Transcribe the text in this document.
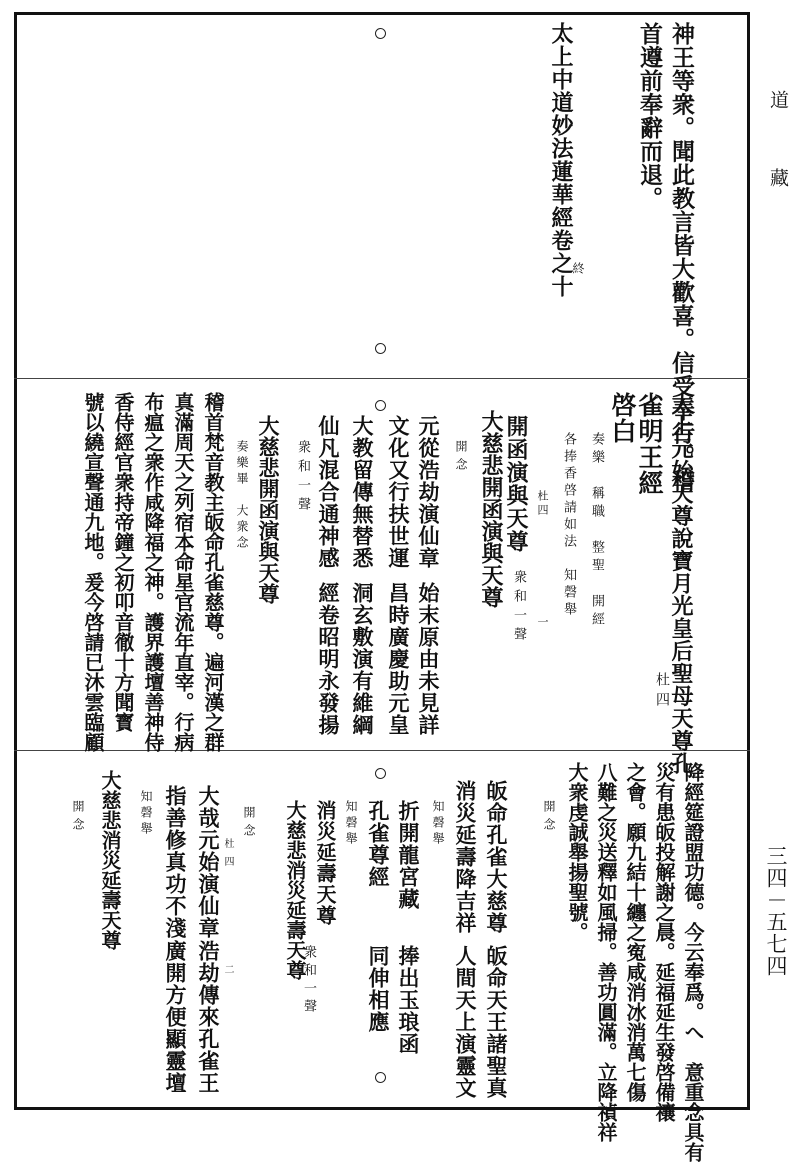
道
藏
三四－五七四
神王等衆。聞此教言皆大歡喜。信受奉行。稽
首遵前奉辭而退。
太上中道妙法蓮華經卷之十
終
太上元始天尊說寶月光皇后聖母天尊孔
雀明王經
杜四
啓白
奏樂　稱職　整聖　開經
各捧香啓請如法　知磬舉
杜四　　　　　　　一
大慈悲開函演與天尊 開函演與天尊
衆和一聲
開念
元從浩劫演仙章
始末原由未見詳
文化又行扶世運
昌時廣慶助元皇
大教留傳無替悉
洞玄敷演有維綱
仙凡混合通神感
經卷昭明永發揚
衆和一聲
大慈悲開函演與天尊
奏樂畢　大衆念
稽首梵音教主皈命孔雀慈尊。遍河漢之群
真滿周天之列宿本命星官流年直宰。行病
布瘟之衆作咸降福之神。護界護壇善神侍
香侍經官衆持帝鐘之初叩音徹十方聞寳
號以繞宣聲通九地。爰今啓請已沐雲臨顧
降經筵證盟功德。今云奉爲。へ　意重念具有
災有患皈投解謝之晨。延福延生發啓備禳
之會。願九結十纏之寃咸消冰消萬七傷
八難之災送釋如風掃。善功圓滿。立降禎祥
大衆虔誠舉揚聖號。
開念
皈命孔雀大慈尊
皈命天王諸聖真
消災延壽降吉祥
人間天上演靈文
知磬舉
折開龍宮藏
捧出玉琅函
孔雀尊經
同伸相應
知磬舉
消災延壽天尊
衆和一聲
大慈悲消災延壽天尊
開念
杜四　　　　　二
大哉元始演仙章
浩劫傳來孔雀王
指善修真功不淺
廣開方便顯靈壇
知磬舉
大慈悲消災延壽天尊
開念
